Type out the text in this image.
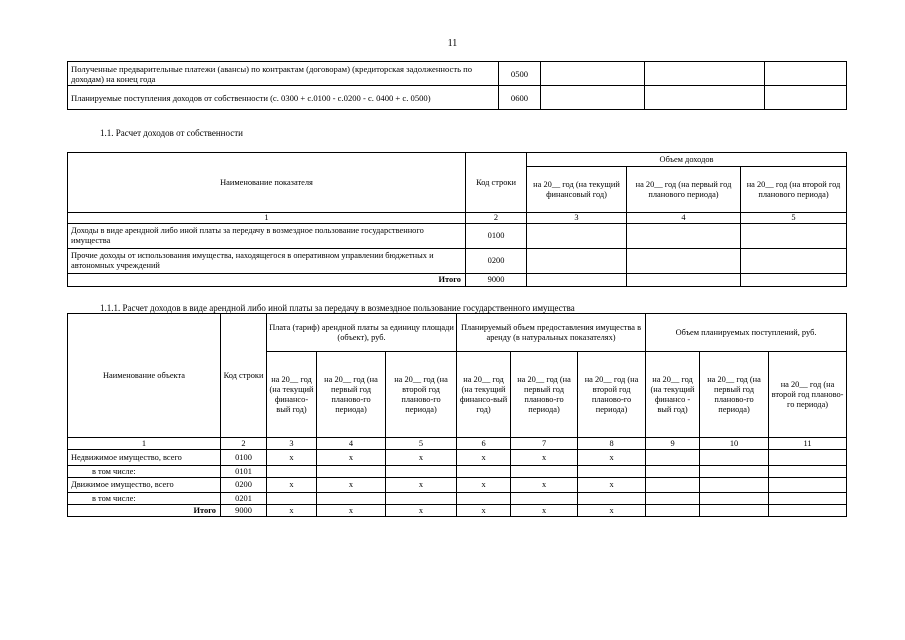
11
Полученные предварительные платежи (авансы) по контрактам (договорам) (кредиторская задолженность по доходам) на конец года	0500			
Планируемые поступления доходов от собственности (с. 0300 + с.0100 - с.0200 - с. 0400 + с. 0500)	0600			
1.1. Расчет доходов от собственности
Наименование показателя	Код строки	Объем доходов		
		на 20__ год (на текущий финансовый год)	на 20__ год (на первый год планового периода)	на 20__ год (на второй год планового периода)
1	2	3	4	5
Доходы в виде арендной либо иной платы за передачу в возмездное пользование государственного имущества	0100			
Прочие доходы от использования имущества, находящегося в оперативном управлении бюджетных и автономных учреждений	0200			
Итого	9000			
1.1.1. Расчет доходов в виде арендной либо иной платы за передачу в возмездное пользование государственного имущества
Наименование объекта	Код строки	Плата (тариф) арендной платы за единицу площади (объект), руб.			Планируемый объем предоставления имущества в аренду (в натуральных показателях)			Объем планируемых поступлений, руб.		
		на 20__ год (на текущий финансо-вый год)	на 20__ год (на первый год планово-го периода)	на 20__ год (на второй год планово-го периода)	на 20__ год (на текущий финансо-вый год)	на 20__ год (на первый год планово-го периода)	на 20__ год (на второй год планово-го периода)	на 20__ год (на текущий финансо - вый год)	на 20__ год (на первый год планово-го периода)	на 20__ год (на второй год планово-го периода)
1	2	3	4	5	6	7	8	9	10	11
Недвижимое имущество, всего	0100	x	x	x	x	x	x			
в том числе:	0101									
Движимое имущество, всего	0200	x	x	x	x	x	x			
в том числе:	0201									
Итого	9000	x	x	x	x	x	x			
